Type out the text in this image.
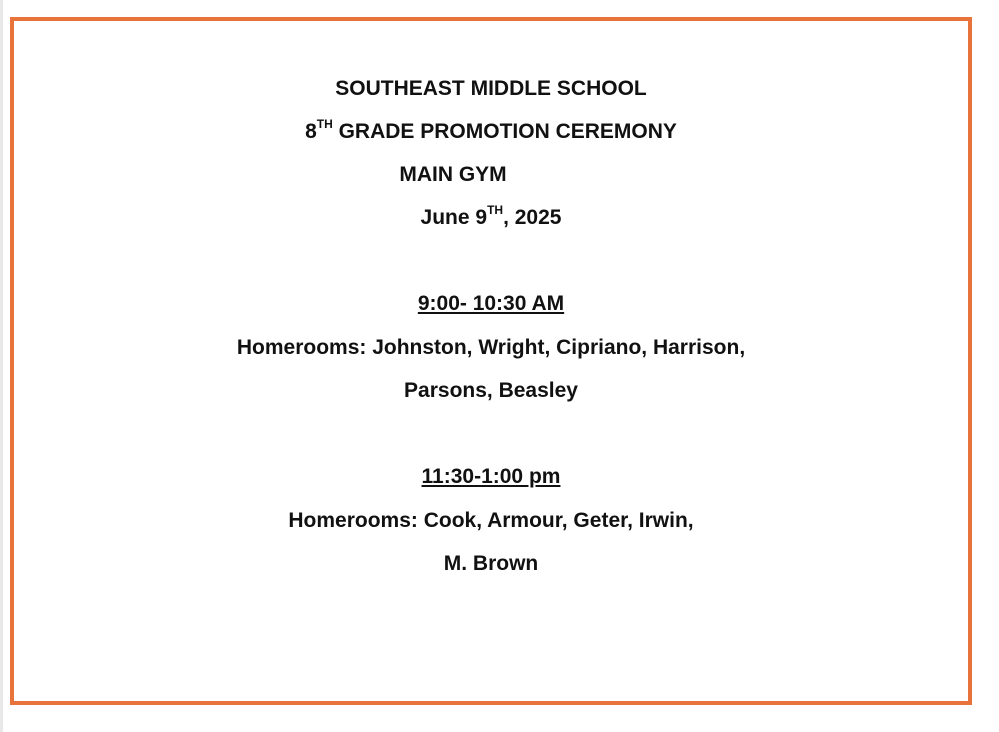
SOUTHEAST MIDDLE SCHOOL
8TH GRADE PROMOTION CEREMONY
MAIN GYM
June 9TH, 2025
9:00- 10:30 AM
Homerooms: Johnston, Wright, Cipriano, Harrison,
Parsons, Beasley
11:30-1:00 pm
Homerooms: Cook, Armour, Geter, Irwin,
M. Brown
